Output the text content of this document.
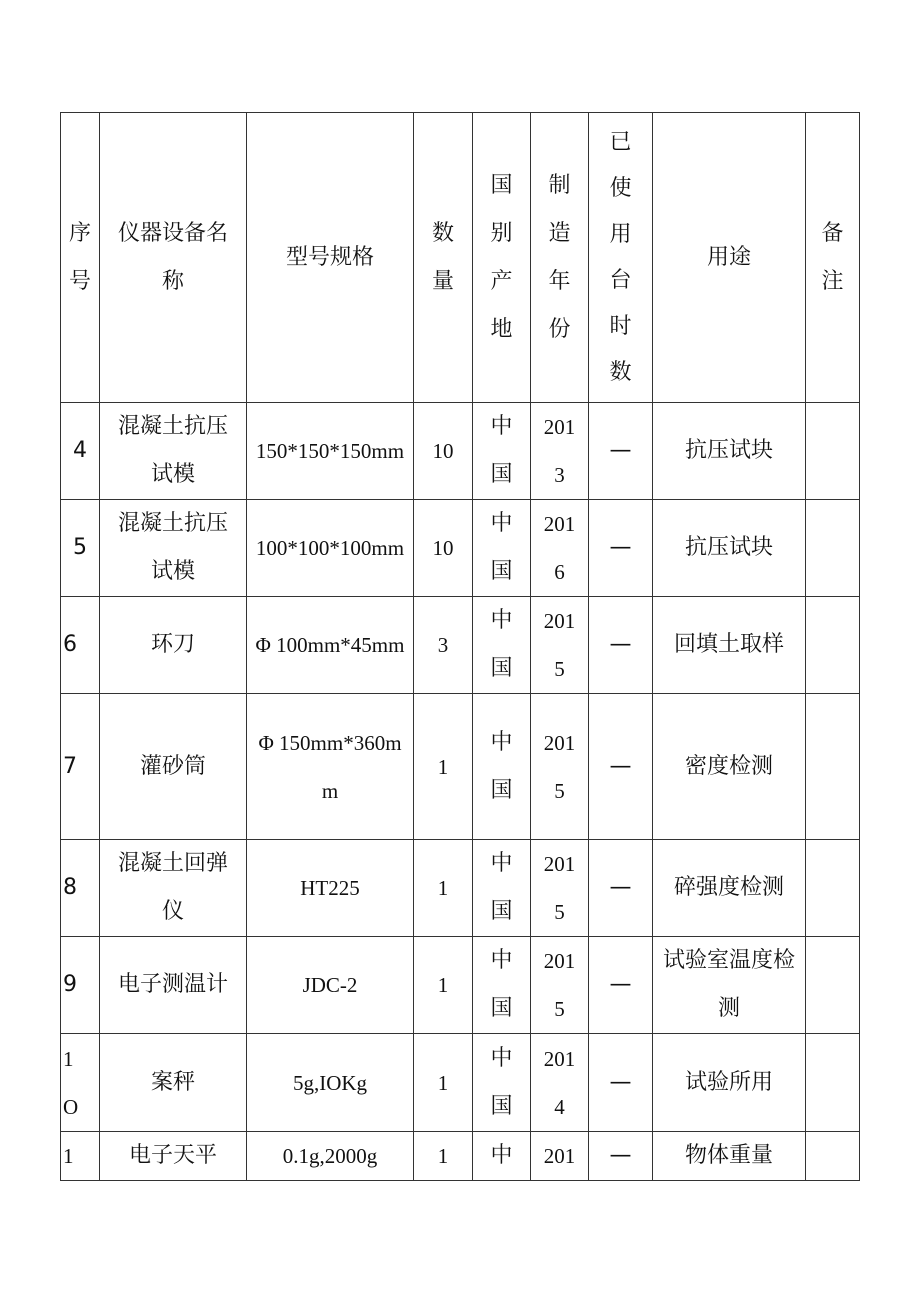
序号	仪器设备名称	型号规格	数量	国别产地	制造年份	已使用台时数	用途	备注

4	混凝土抗压试模	150*150*150mm	10	中国	2013	—	抗压试块	
5	混凝土抗压试模	100*100*100mm	10	中国	2016	—	抗压试块	
6	环刀	Φ 100mm*45mm	3	中国	2015	—	回填土取样	
7	灌砂筒	Φ 150mm*360mm	1	中国	2015	—	密度检测	
8	混凝土回弹仪	HT225	1	中国	2015	—	碎强度检测	
9	电子测温计	JDC-2	1	中国	2015	—	试验室温度检测	

1O	案秤	5g,IOKg	1	中国	2014	—	试验所用	
1	电子天平	0.1g,2000g	1	中	201	—	物体重量	
